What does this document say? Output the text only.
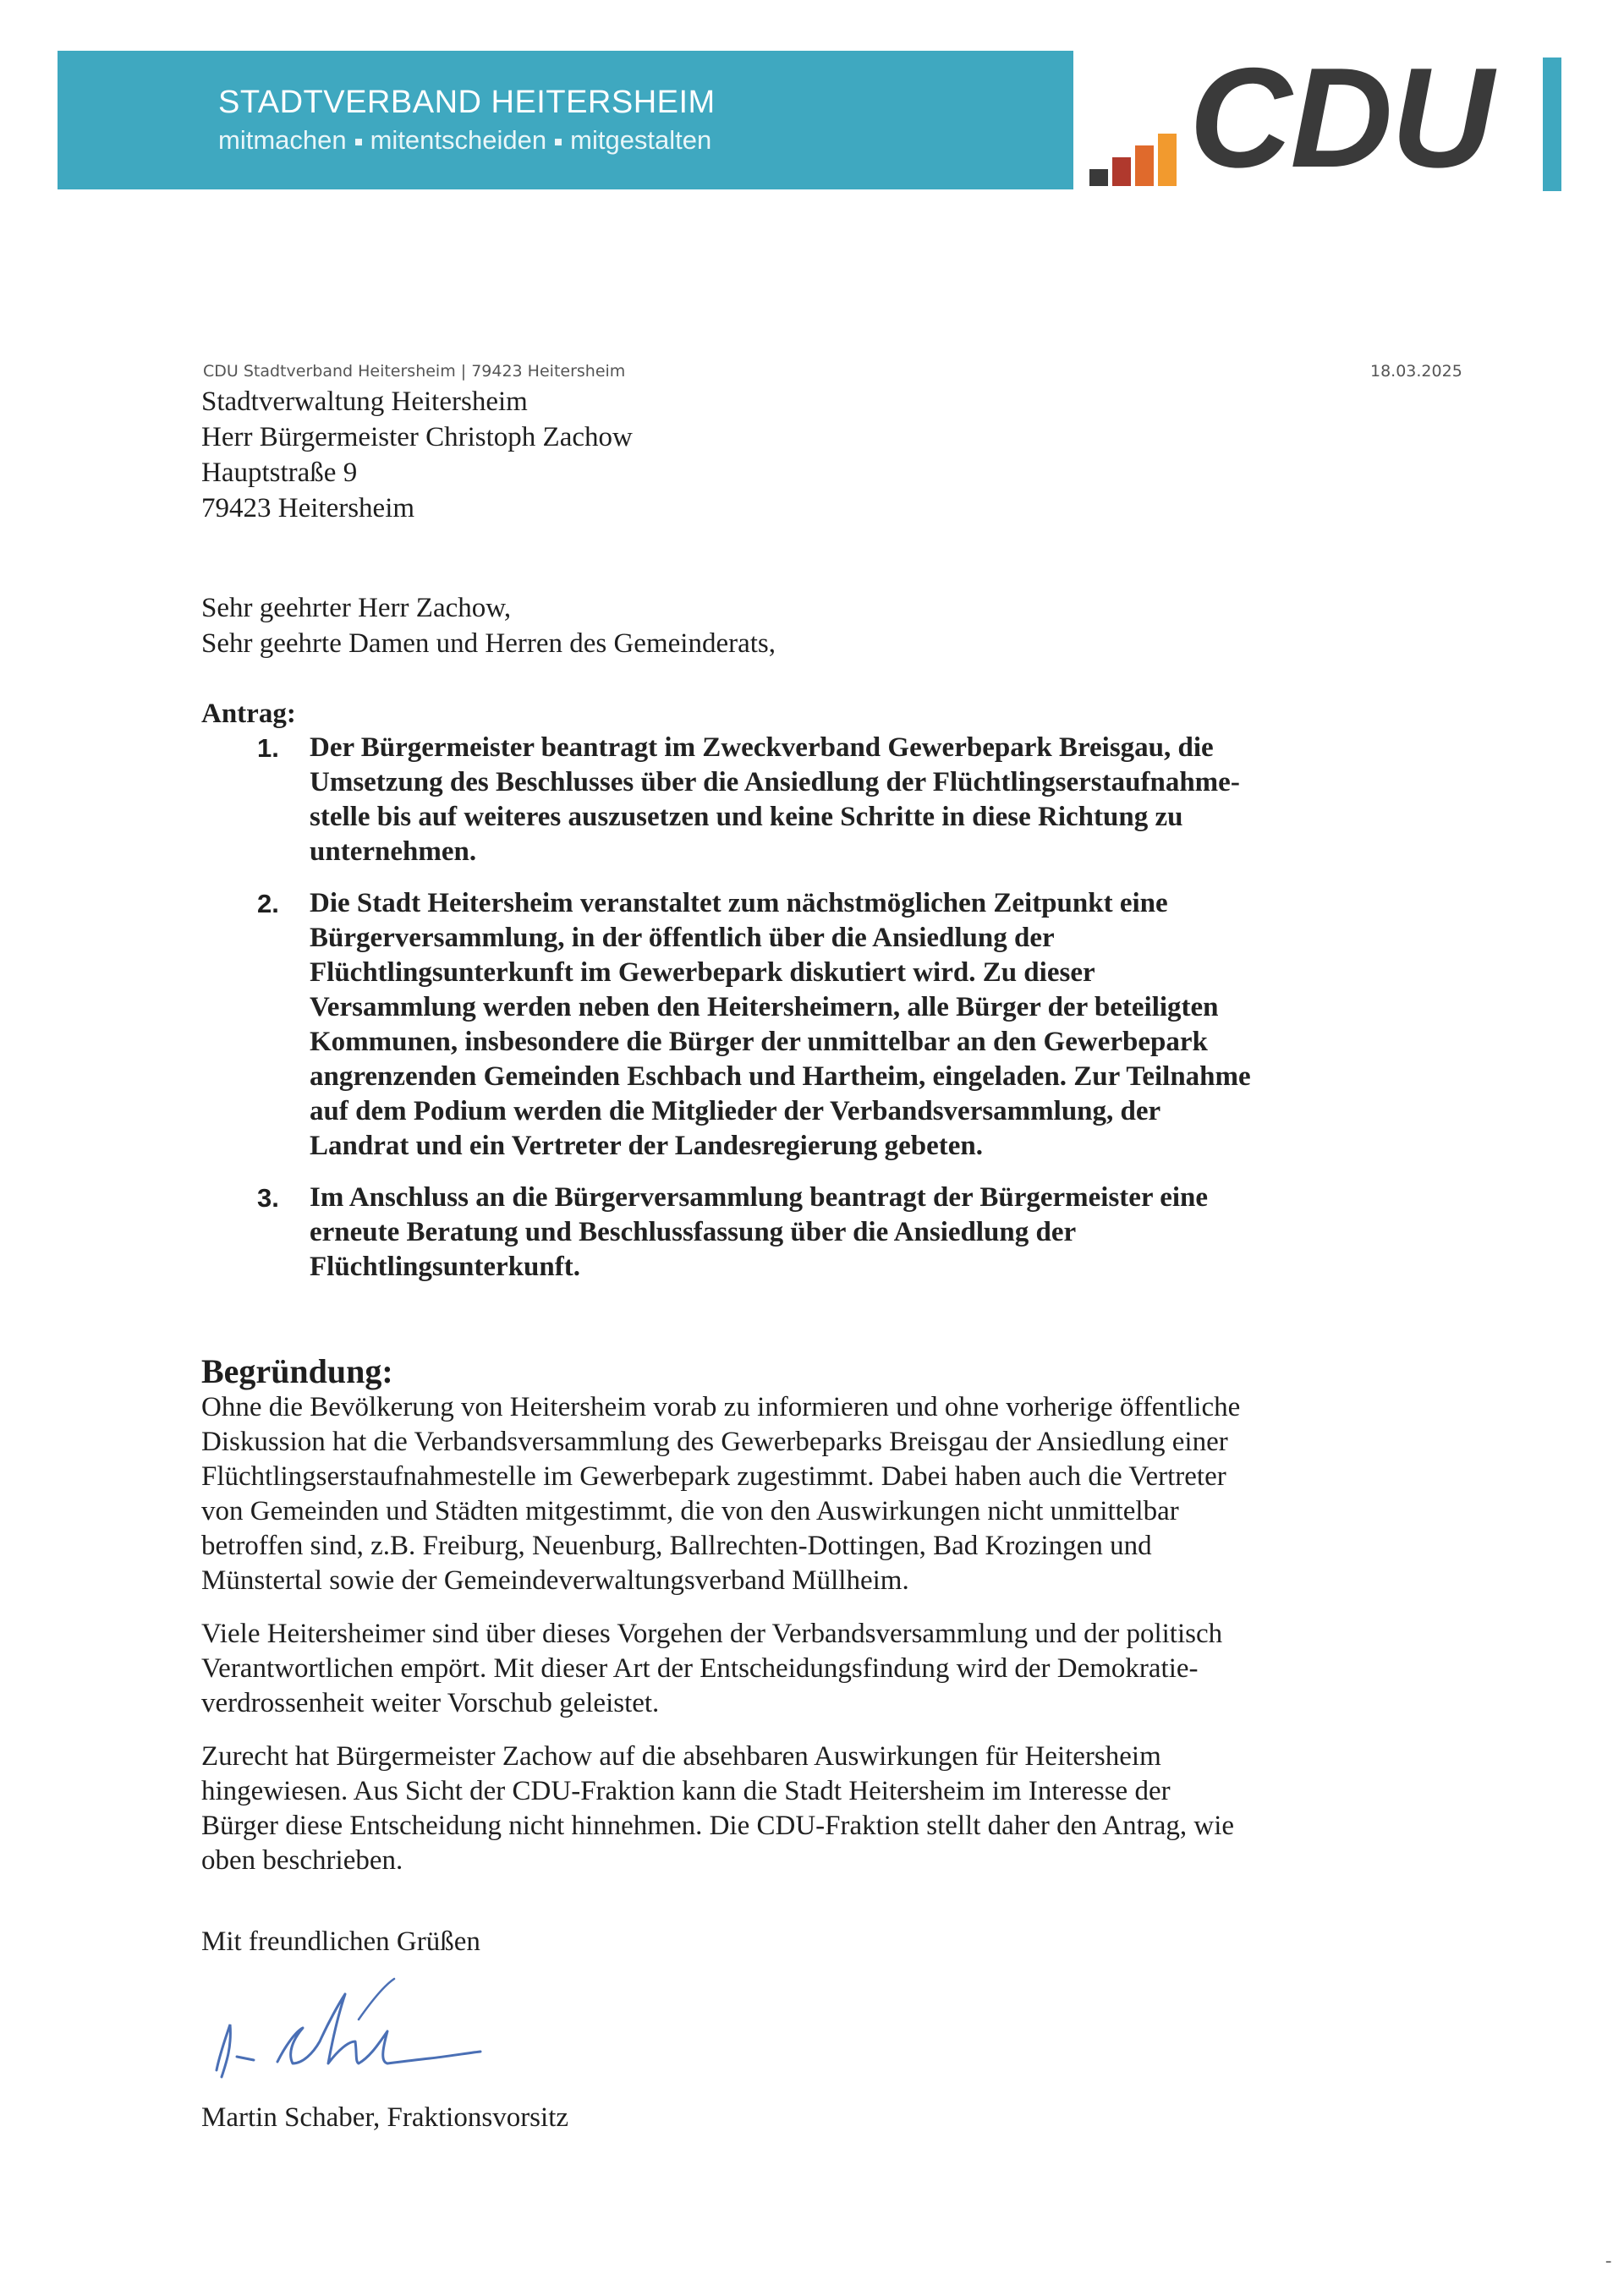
STADTVERBAND HEITERSHEIM
mitmachen mitentscheiden mitgestalten	CDU
CDU Stadtverband Heitersheim | 79423 Heitersheim	18.03.2025
Stadtverwaltung Heitersheim
Herr Bürgermeister Christoph Zachow
Hauptstraße 9
79423 Heitersheim
Sehr geehrter Herr Zachow,
Sehr geehrte Damen und Herren des Gemeinderats,
Antrag:
1. Der Bürgermeister beantragt im Zweckverband Gewerbepark Breisgau, die
Umsetzung des Beschlusses über die Ansiedlung der Flüchtlingserstaufnahme-
stelle bis auf weiteres auszusetzen und keine Schritte in diese Richtung zu
unternehmen.
2. Die Stadt Heitersheim veranstaltet zum nächstmöglichen Zeitpunkt eine
Bürgerversammlung, in der öffentlich über die Ansiedlung der
Flüchtlingsunterkunft im Gewerbepark diskutiert wird. Zu dieser
Versammlung werden neben den Heitersheimern, alle Bürger der beteiligten
Kommunen, insbesondere die Bürger der unmittelbar an den Gewerbepark
angrenzenden Gemeinden Eschbach und Hartheim, eingeladen. Zur Teilnahme
auf dem Podium werden die Mitglieder der Verbandsversammlung, der
Landrat und ein Vertreter der Landesregierung gebeten.
3. Im Anschluss an die Bürgerversammlung beantragt der Bürgermeister eine
erneute Beratung und Beschlussfassung über die Ansiedlung der
Flüchtlingsunterkunft.
Begründung:

Ohne die Bevölkerung von Heitersheim vorab zu informieren und ohne vorherige öffentliche
Diskussion hat die Verbandsversammlung des Gewerbeparks Breisgau der Ansiedlung einer
Flüchtlingserstaufnahmestelle im Gewerbepark zugestimmt. Dabei haben auch die Vertreter
von Gemeinden und Städten mitgestimmt, die von den Auswirkungen nicht unmittelbar
betroffen sind, z.B. Freiburg, Neuenburg, Ballrechten-Dottingen, Bad Krozingen und
Münstertal sowie der Gemeindeverwaltungsverband Müllheim.

Viele Heitersheimer sind über dieses Vorgehen der Verbandsversammlung und der politisch
Verantwortlichen empört. Mit dieser Art der Entscheidungsfindung wird der Demokratie-
verdrossenheit weiter Vorschub geleistet.

Zurecht hat Bürgermeister Zachow auf die absehbaren Auswirkungen für Heitersheim
hingewiesen. Aus Sicht der CDU-Fraktion kann die Stadt Heitersheim im Interesse der
Bürger diese Entscheidung nicht hinnehmen. Die CDU-Fraktion stellt daher den Antrag, wie
oben beschrieben.

Mit freundlichen Grüßen
Martin Schaber, Fraktionsvorsitz
-
